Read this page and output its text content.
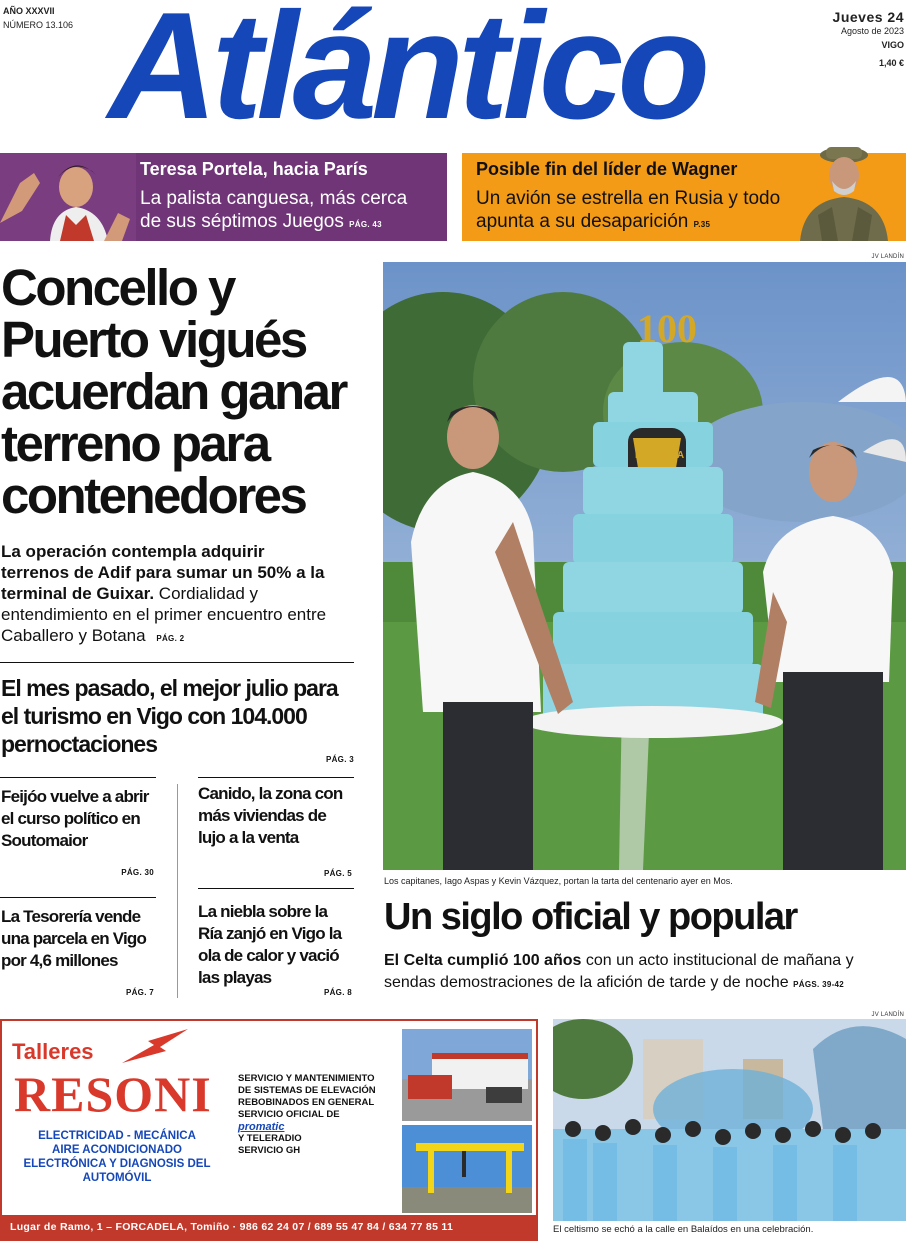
AÑO XXXVII
NÚMERO 13.106 Atlántico	Jueves 24
Agosto de 2023
VIGO
1,40 €
Teresa Portela, hacia París
La palista canguesa, más cerca de sus séptimos Juegos PÁG. 43
Posible fin del líder de Wagner
Un avión se estrella en Rusia y todo apunta a su desaparición P.35
Concello y Puerto vigués acuerdan ganar terreno para contenedores
La operación contempla adquirir terrenos de Adif para sumar un 50% a la terminal de Guixar. Cordialidad y entendimiento en el primer encuentro entre Caballero y Botana PÁG. 2
El mes pasado, el mejor julio para el turismo en Vigo con 104.000 pernoctaciones
PÁG. 3
Feijóo vuelve a abrir el curso político en Soutomaior
PÁG. 30
Canido, la zona con más viviendas de lujo a la venta
PÁG. 5
La Tesorería vende una parcela en Vigo por 4,6 millones
PÁG. 7
La niebla sobre la Ría zanjó en Vigo la ola de calor y vació las playas
PÁG. 8
JV LANDÍN
100
RC CELTA
Los capitanes, Iago Aspas y Kevin Vázquez, portan la tarta del centenario ayer en Mos.
Un siglo oficial y popular
El Celta cumplió 100 años con un acto institucional de mañana y sendas demostraciones de la afición de tarde y de noche PÁGS. 39-42
Talleres
RESONI
ELECTRICIDAD - MECÁNICA
AIRE ACONDICIONADO
ELECTRÓNICA Y DIAGNOSIS DEL
AUTOMÓVIL
SERVICIO Y MANTENIMIENTO
DE SISTEMAS DE ELEVACIÓN
REBOBINADOS EN GENERAL
SERVICIO OFICIAL DE
promatic
Y TELERADIO
SERVICIO GH
Lugar de Ramo, 1 – FORCADELA, Tomiño · 986 62 24 07 / 689 55 47 84 / 634 77 85 11
JV LANDÍN
El celtismo se echó a la calle en Balaídos en una celebración.
